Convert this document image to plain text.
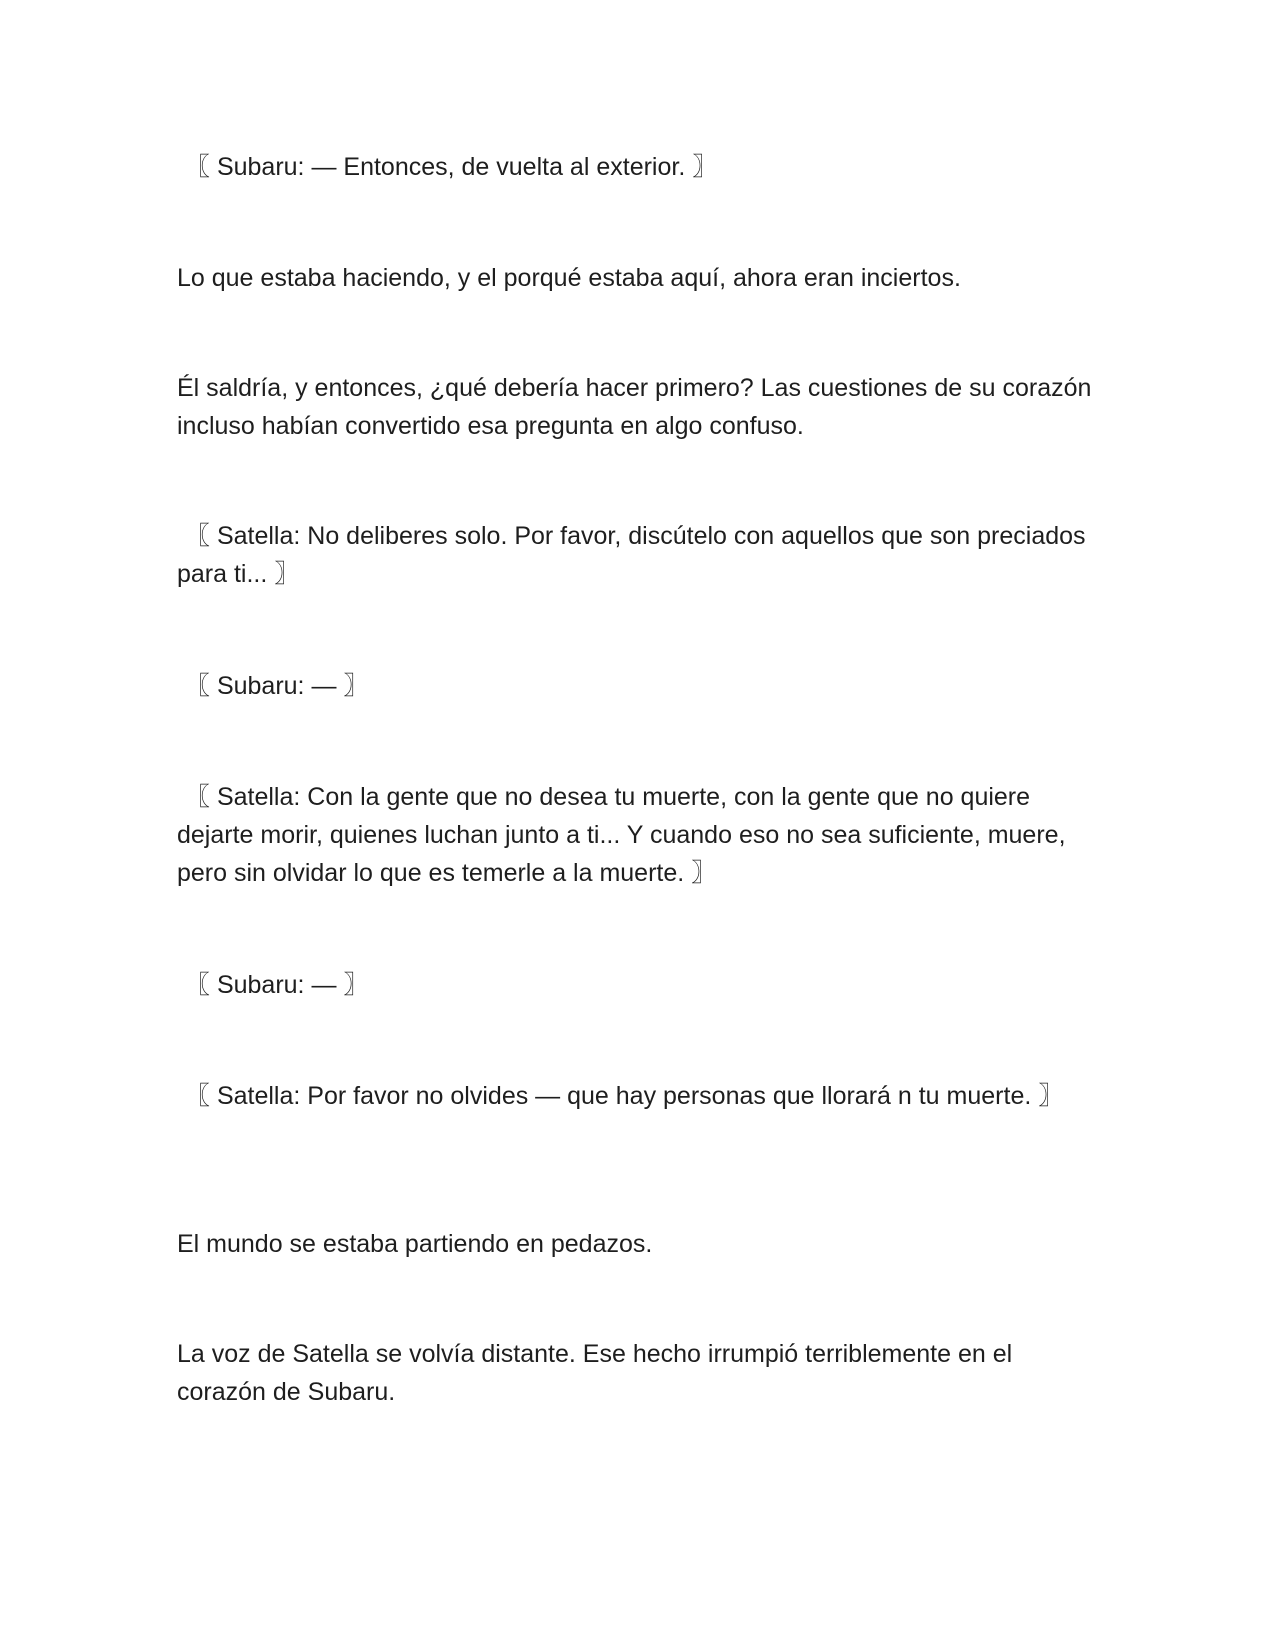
〖 Subaru: — Entonces, de vuelta al exterior. 〗

Lo que estaba haciendo, y el porqué estaba aquí, ahora eran inciertos.

Él saldría, y entonces, ¿qué debería hacer primero? Las cuestiones de su corazón incluso habían convertido esa pregunta en algo confuso.

〖 Satella: No deliberes solo. Por favor, discútelo con aquellos que son preciados para ti... 〗

〖 Subaru: — 〗

〖 Satella: Con la gente que no desea tu muerte, con la gente que no quiere dejarte morir, quienes luchan junto a ti... Y cuando eso no sea suficiente, muere, pero sin olvidar lo que es temerle a la muerte. 〗

〖 Subaru: — 〗

〖 Satella: Por favor no olvides — que hay personas que llorará n tu muerte. 〗

El mundo se estaba partiendo en pedazos.

La voz de Satella se volvía distante. Ese hecho irrumpió terriblemente en el corazón de Subaru.
